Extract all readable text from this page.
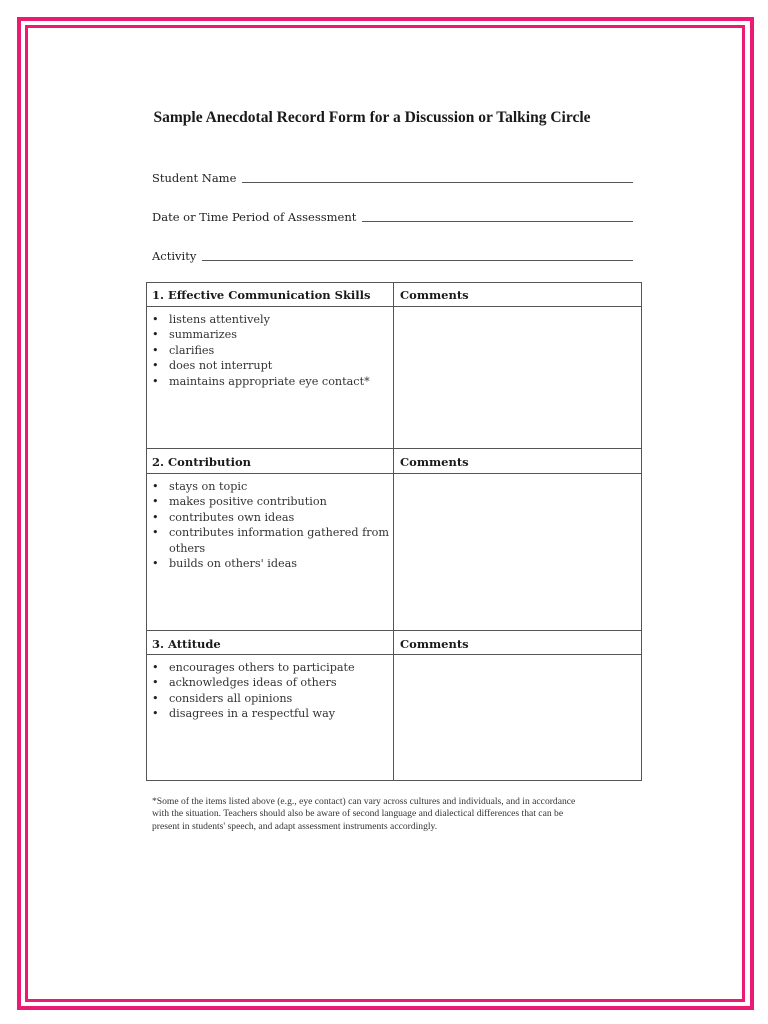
Sample Anecdotal Record Form for a Discussion or Talking Circle
Student Name
Date or Time Period of Assessment
Activity
1. Effective Communication Skills	Comments
• listens attentively
• summarizes
• clarifies
• does not interrupt
• maintains appropriate eye contact*
2. Contribution	Comments
• stays on topic
• makes positive contribution
• contributes own ideas
• contributes information gathered from others
• builds on others' ideas
3. Attitude	Comments
• encourages others to participate
• acknowledges ideas of others
• considers all opinions
• disagrees in a respectful way
*Some of the items listed above (e.g., eye contact) can vary across cultures and individuals, and in accordance with the situation. Teachers should also be aware of second language and dialectical differences that can be present in students' speech, and adapt assessment instruments accordingly.
